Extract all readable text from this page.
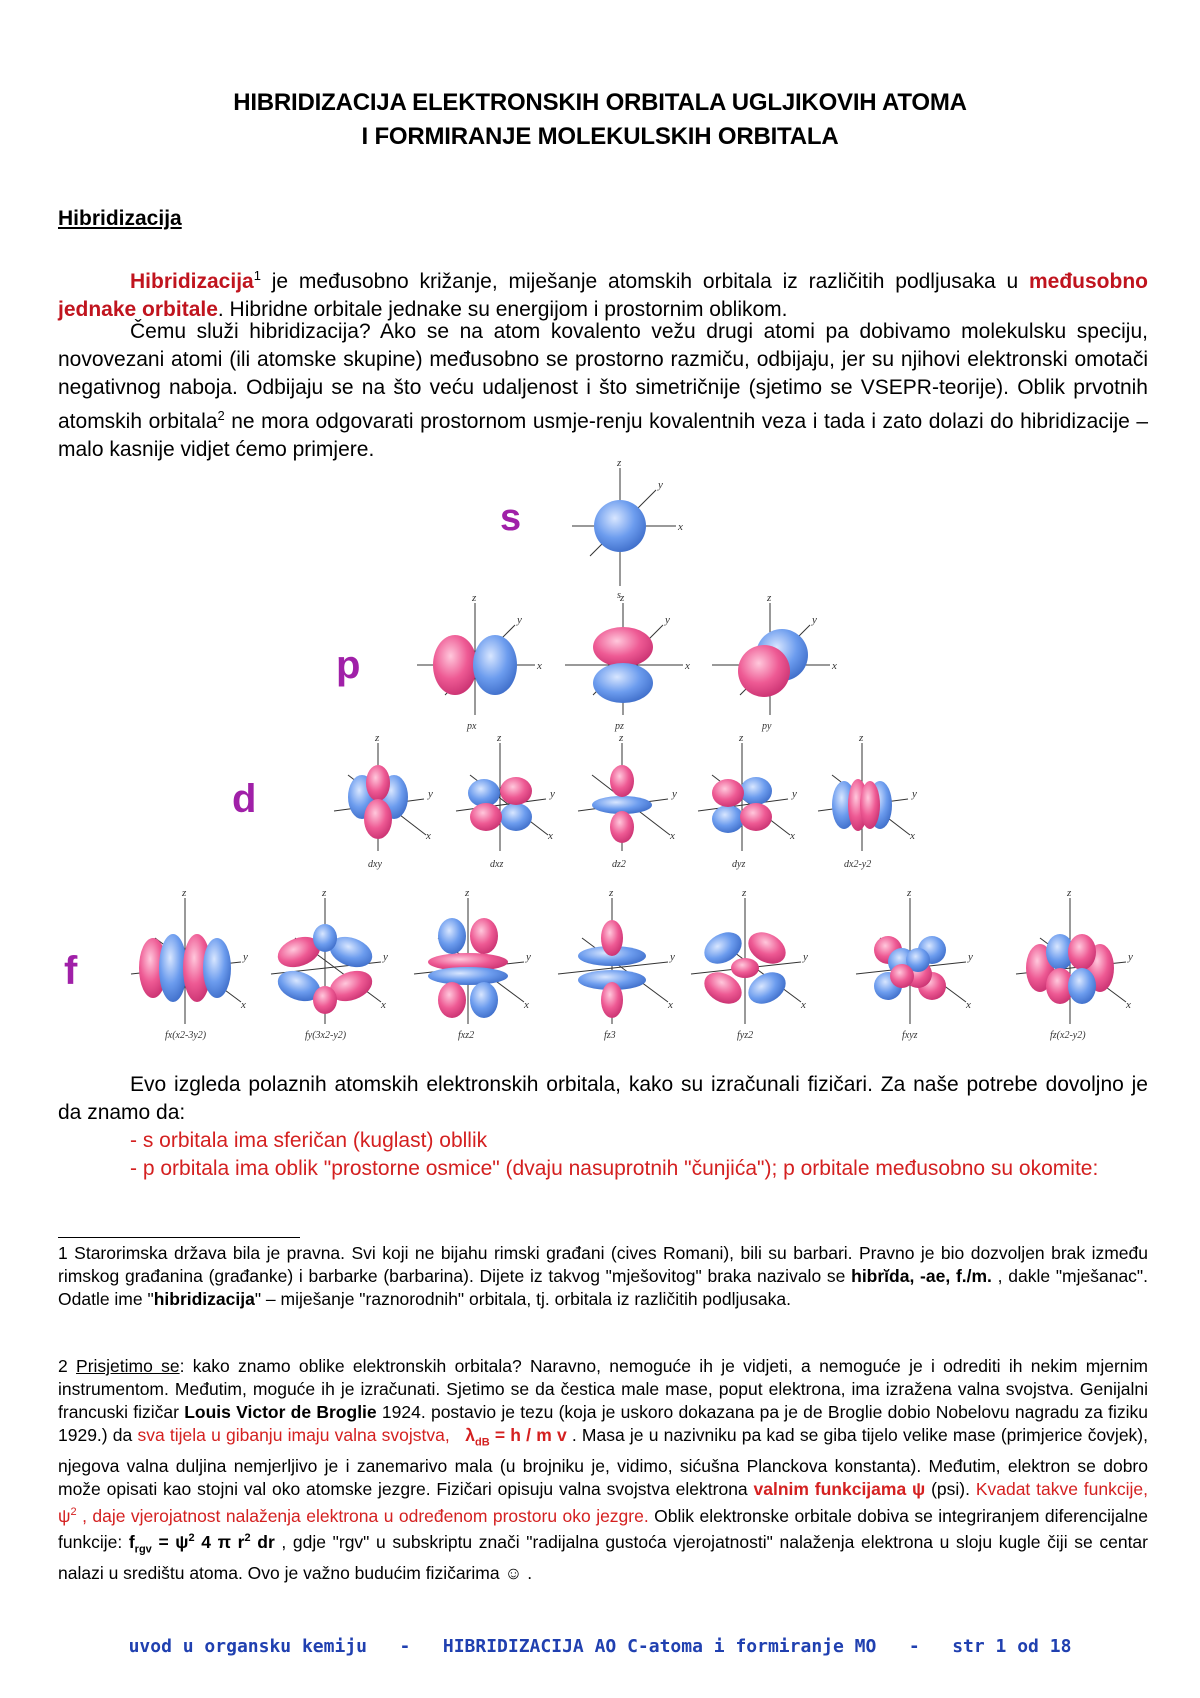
HIBRIDIZACIJA ELEKTRONSKIH ORBITALA UGLJIKOVIH ATOMA
I FORMIRANJE MOLEKULSKIH ORBITALA
Hibridizacija
Hibridizacija$^1$ je međusobno križanje, miješanje atomskih orbitala iz različitih podljusaka u međusobno jednake orbitale. Hibridne orbitale jednake su energijom i prostornim oblikom.
Čemu služi hibridizacija? Ako se na atom kovalento vežu drugi atomi pa dobivamo molekulsku speciju, novovezani atomi (ili atomske skupine) međusobno se prostorno razmiču, odbijaju, jer su njihovi elektronski omotači negativnog naboja. Odbijaju se na što veću udaljenost i što simetričnije (sjetimo se VSEPR-teorije). Oblik prvotnih atomskih orbitala$^2$ ne mora odgovarati prostornom usmje-renju kovalentnih veza i tada i zato dolazi do hibridizacije – malo kasnije vidjet ćemo primjere.
s
p
d
f
x
y
z
s
x
y
z
px
x
y
z
pz
x
y
z
py
x
y
z
dxy
x
y
z
dxz
x
y
z
dz2
x
y
z
dyz
x
y
z
dx2-y2
x
y
z
fx(x2-3y2)
x
y
z
fy(3x2-y2)
x
y
z
fxz2
x
y
z
fz3
x
y
z
fyz2
x
y
z
fxyz
x
y
z
fz(x2-y2)
Evo izgleda polaznih atomskih elektronskih orbitala, kako su izračunali fizičari. Za naše potrebe dovoljno je da znamo da:
- s orbitala ima sferičan (kuglast) obllik
- p orbitala ima oblik "prostorne osmice" (dvaju nasuprotnih "čunjića"); p orbitale međusobno su okomite:
1 Starorimska država bila je pravna. Svi koji ne bijahu rimski građani (cives Romani), bili su barbari. Pravno je bio dozvoljen brak između rimskog građanina (građanke) i barbarke (barbarina). Dijete iz takvog "mješovitog" braka nazivalo se hibrĭda, -ae, f./m. , dakle "mješanac". Odatle ime "hibridizacija" – miješanje "raznorodnih" orbitala, tj. orbitala iz različitih podljusaka.
2 Prisjetimo se: kako znamo oblike elektronskih orbitala? Naravno, nemoguće ih je vidjeti, a nemoguće je i odrediti ih nekim mjernim instrumentom. Međutim, moguće ih je izračunati. Sjetimo se da čestica male mase, poput elektrona, ima izražena valna svojstva. Genijalni francuski fizičar Louis Victor de Broglie 1924. postavio je tezu (koja je uskoro dokazana pa je de Broglie dobio Nobelovu nagradu za fiziku 1929.) da sva tijela u gibanju imaju valna svojstva, $\lambda_{dB} = h / m$ v . Masa je u nazivniku pa kad se giba tijelo velike mase (primjerice čovjek), njegova valna duljina nemjerljivo je i zanemarivo mala (u brojniku je, vidimo, sićušna Planckova konstanta). Međutim, elektron se dobro može opisati kao stojni val oko atomske jezgre. Fizičari opisuju valna svojstva elektrona valnim funkcijama ψ (psi). Kvadat takve funkcije, $\psi^2$ , daje vjerojatnost nalaženja elektrona u određenom prostoru oko jezgre. Oblik elektronske orbitale dobiva se integriranjem diferencijalne funkcije: $f_{rgv} = \psi^2$ 4 π $r^2$ dr , gdje "rgv" u subskriptu znači "radijalna gustoća vjerojatnosti" nalaženja elektrona u sloju kugle čiji se centar nalazi u središtu atoma. Ovo je važno budućim fizičarima ☺ .
uvod u organsku kemiju   -   HIBRIDIZACIJA AO C-atoma i formiranje MO   -   str 1 od 18
